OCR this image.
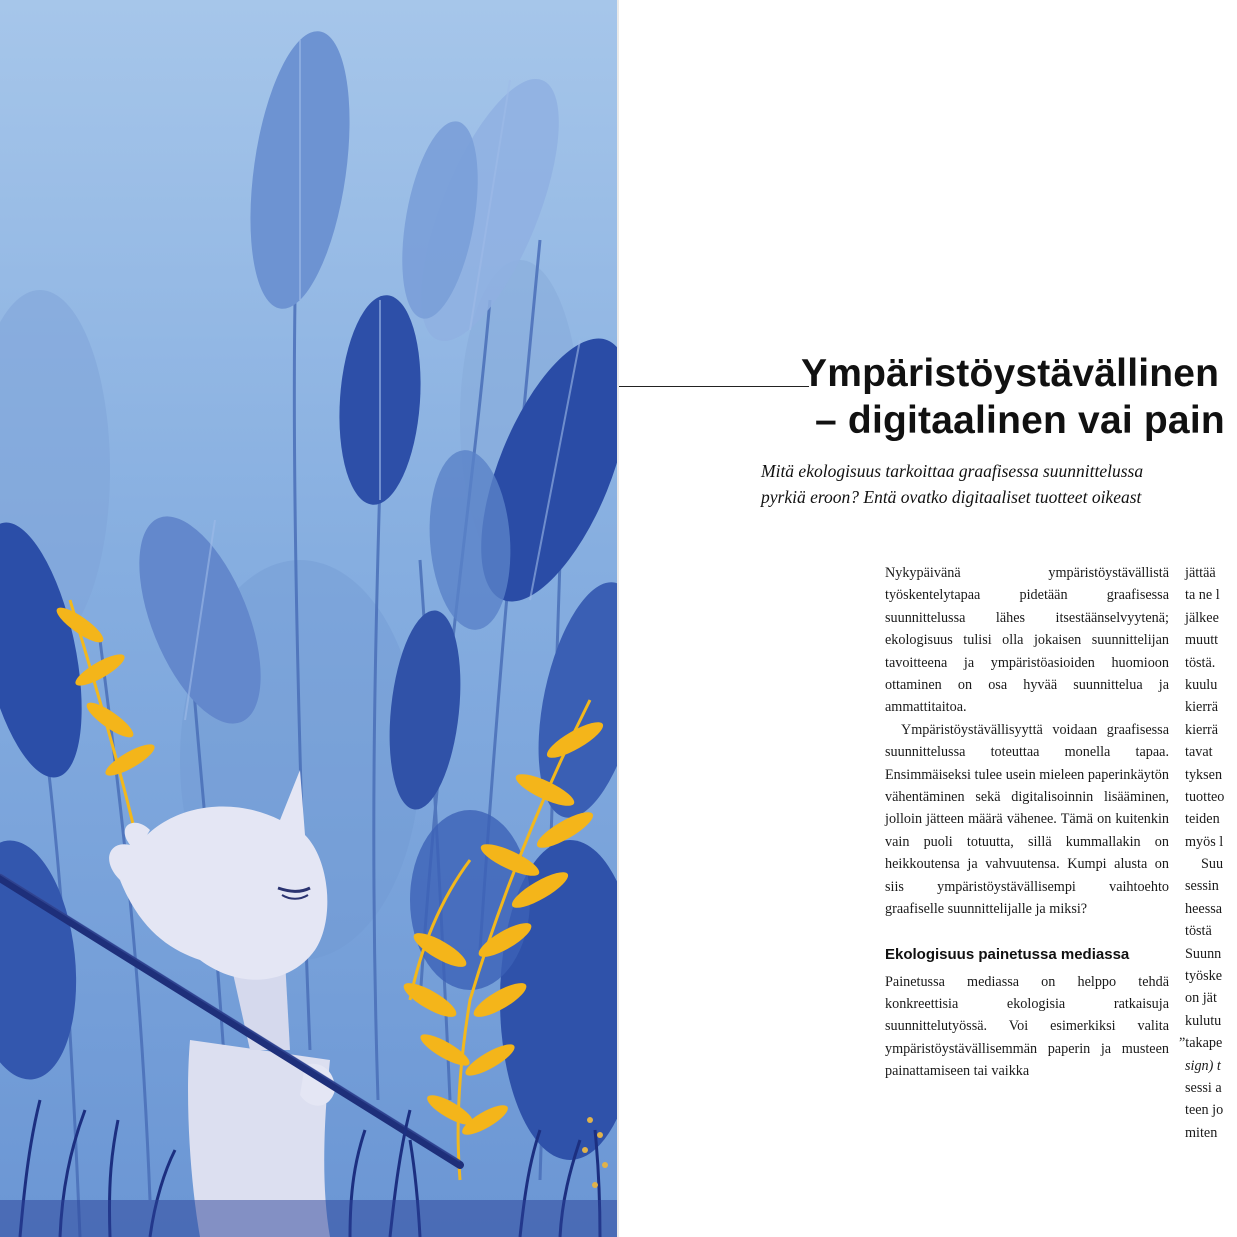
Ympäristöystävällinen
– digitaalinen vai pain

Mitä ekologisuus tarkoittaa graafisessa suunnittelussa
pyrkiä eroon? Entä ovatko digitaaliset tuotteet oikeast

Nykypäivänä ympäristöystävällistä työskentelytapaa pidetään graafisessa suunnittelussa lähes itsestäänselvyytenä; ekologisuus tulisi olla jokaisen suunnittelijan tavoitteena ja ympäristöasioiden huomioon ottaminen on osa hyvää suunnittelua ja ammattitaitoa.

Ympäristöystävällisyyttä voidaan graafisessa suunnittelussa toteuttaa monella tapaa. Ensimmäiseksi tulee usein mieleen paperinkäytön vähentäminen sekä digitalisoinnin lisääminen, jolloin jätteen määrä vähenee. Tämä on kuitenkin vain puoli totuutta, sillä kummallakin on heikkoutensa ja vahvuutensa. Kumpi alusta on siis ympäristöystävällisempi vaihtoehto graafiselle suunnittelijalle ja miksi?

Ekologisuus painetussa mediassa

Painetussa mediassa on helppo tehdä konkreettisia ekologisia ratkaisuja suunnittelutyössä. Voi esimerkiksi valita ympäristöystävällisemmän paperin ja musteen painattamiseen tai vaikka

jättää
ta ne l
jälkee
muutt
töstä.
kuulu
kierrä
kierrä
tavat
tyksen
tuotteo
teiden
myös l
Suu
sessin
heessa
töstä
Suunn
työske
on jät
kulutu
”takape
sign) t
sessi a
teen jo
miten
